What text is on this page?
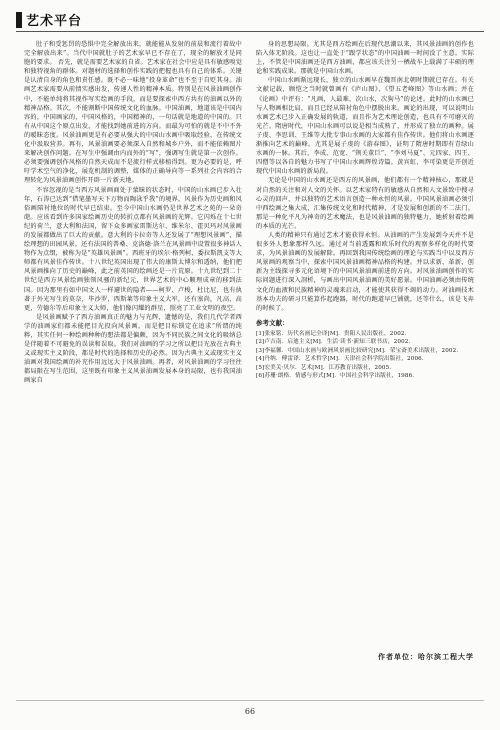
艺术平台

肚子和受惩罚的恐惧中完全解放出来，就能能从发射的前晨和流行着故中完全解放出来”。当代中国就肚子的艺术家早已不存在了，现全的解放才是同胞的要求。 否先，就是需要艺术家的自省。艺术家在社会中应是具有敏感嗅觉和独特视角的群体。对题材的选择和创作实践的把握也具有自己的体系。关键是认清自身的角色和責任感。既不必一味地“投身革命”也不至于自贬其身。油画艺术家需要从前情实感出发，传递人性的精神本质。特别是在风景油画创作中，不能单纯将其视作写实绘画的手段，而是要探索中西方共有的油画以外的精神品格。其次，不能割断中国传统文化的血脉。中国油画，地道该是中国内容的，中国画家的，中国风格的，中国精神的，一句话就是地道的中国的。只有从中国这个原点出发，才能找到她前进的方向。而最为可怕的就是不中不外的暧昧态度。风景油画更是有必要从强大的中国山水画中吸取经验，在传统文化中汲取营养。再有，风景油画要必须深入自然和城乡户外，而不能依赖图片来解决创作问题。在写生中强调由内而外的“写”，强调写生就是第一次创作。必须要强调创作风格的自然天成而不是流行样式移植得到。更为必要的是，呼吁学术空气的净化，展览机制的调整，媒体的正确导向等一系列社会内容的合理转化为风景油画创作开辟一片新天地。

不容忽视的是当西方风景画商处于蒙昧的状态时，中国的山水画已步入壮年，石涛已达到“借笔墨写天下万物而陶泳乎我”的境界，风景作为历史画和风俗画陪衬地位的时代早已结束。至今中国山水画仍是世界艺术之苑的一朵奇葩。应该看到许多国家绘画历史的转折点都有风景画的光辉。它闪烁在十七世纪的荷兰，意大利和法国，留下众多画家雷斯达尔、维米尔、霍贝玛对风景画的发展都做出了巨大的贡献。意大利的卡拉奇等人还发展了“理想风景画”，描绘理想的田园风景。还有法国的普桑、克洛德·洛兰在风景画中设置很多神话人物作为点缀，被称为是“英雄风景画”。西班牙的埃尔·格列柯，委拉斯凯支等大师都有风景佳作传世。十八世纪英国出现了伟大的康斯太博尔和透纳，他们把风景画推向了历史的巅峰，此之前英国的绘画还是一片荒原。十九世纪到二十世纪是西方风景绘画独领风骚的新纪元，世界艺术的中心顺理成章的移到法国。因为那里有如中国文人一样避世的隐者——柯罗、卢梭，杜比尼，也有执著于外光写生的莫奈，毕沙罗，西斯莱等印象主义大军，还有塞尚，凡高，高更，劳德尔等后印象主义大师，他们像闪耀的群星，照亮了工业文明的夜空。

是风景画赋予了西方油画真正的魅力与光辉，遗憾的是，我们几代学者西学的油画家们都未能把目光投向风景画，而是把目标锁定在追求“所谓的纯粹，其实任何一种绘画种种的想法都是偏颇，因为不同民族之间文化的吸纳总是伴随着不可避免的误读和误取。我们对油画的学习之所以把目光放在古典主义或现实主义阶段，都是时代的选择和历史的必然。因为古典主义或现实主义油画对我国绘画的补充作用远远大于风景油画。再者，对风景油画的学习往往都局限在写生范围，这里既有印象主义风景油画发展本身的局限，也有我国油画家自

身的思想局限。尤其是西方绘画在后现代思潮以来，其风景油画的创作也陷入体无阶段。这也让一直处于“跟学状态”的中国油画一时间没了主意。实际上，不管是中国油画还是西方油画，都应该关注另一栖战车上载满了丰硕的理论和实践成果。那就是中国山水画。

中国山水画渐远现长，独立的山水画早在魏晋南北朝时期就已存在。有关文献记载，顾恺之当时就曾画有《庐山图》、《望五老峰图》等山水画；并在《论画》中评有：“凡画，人最难，次山水，次狗马”的论述。此时的山水画已与人物画相比肩，而且已经从陪衬角色中摆脱出来。画论的出现，可以说明山水画艺术已步入正确发展的轨道，而且作为艺术理论创造，也具有不可磨灭的光芒。隋唐时代，中国山水画可以说是相当成熟了，并形成了独立的画种。展子虔、李思训、王维等大批专事山水画的大家都有佳作传世。他们将山水画逐渐推向艺术的巅峰。尤其是展子虔的《游春图》，证明了隋唐时期即有青绿山水画的一脉。其后，李成、范宽、“荆关董巨”、“李刘马夏”、元四家、四王、四僧等以各自的魅力书写了中国山水画辉煌诗篇。黄宾虹、李可染更是开创近现代中国山水画的新局段。

无论是中国的山水画还是西方的风景画，他们都有一个精神核心，那就是对自然的关注和对人文的关怀。以艺术家特有的敏感从自然和人文景致中搜寻心灵的回声，并以独特的艺术语言创造一种永恒的风景。中国风景油画必须引中西绘画之集大成，汇集传统文化和时代精神，才是发展和创新的不二法门。那是一种化平凡为神奇的艺术魔法，也是风景油画的独特魅力，她析射着绘画的本质的光芒。

人类的精神只有通过艺术才能获得永恒。从油画的产生发展到今天并不是很多外人想象那样久远。通过对当前透露和欧乐时代的观察多样化的时代要求，为风景油画的发展解除。再回到我国传统绘画的理论与实践当中以及西方风景画的观察当中，探索中国风景油画精神品格的构建。并以求新、革新、创新为主线探寻多元化语境下的中国风景油画前进的方向。对风景油画创作的实际问题进行深入剖析，与画出中国风景油画的美好愿景。中国油画必须由传统文化的血液和民族精神的灵魂来启动，才能使其获得不竭的动力。对油画技术基本功夫的研习只能算作起跑器，时代的跑道早已铺就，还等什么，该是飞奔的时候了。

参考文献：
[1]张家铭．历代名画记全译[M]．贵阳人民出版社，2002．
[2]卢吉南．启迪主义[M]．生活·读书·新知三联书店，2002．
[3]李福馨．中国山水画与欧洲风景画比较研究[M]．荣宝斋美术出版社，2002．
[4]丹纳．傅雷译．艺术哲学[M]．天津社会科学院出版社，2006．
[5]宏美关·贝尔．艺术[M]．江苏教育出版社，2005．
[6]苏珊·朗格．情感与形式[M]．中国社会科学出版社，1986．
作者单位：哈尔滨工程大学
66
